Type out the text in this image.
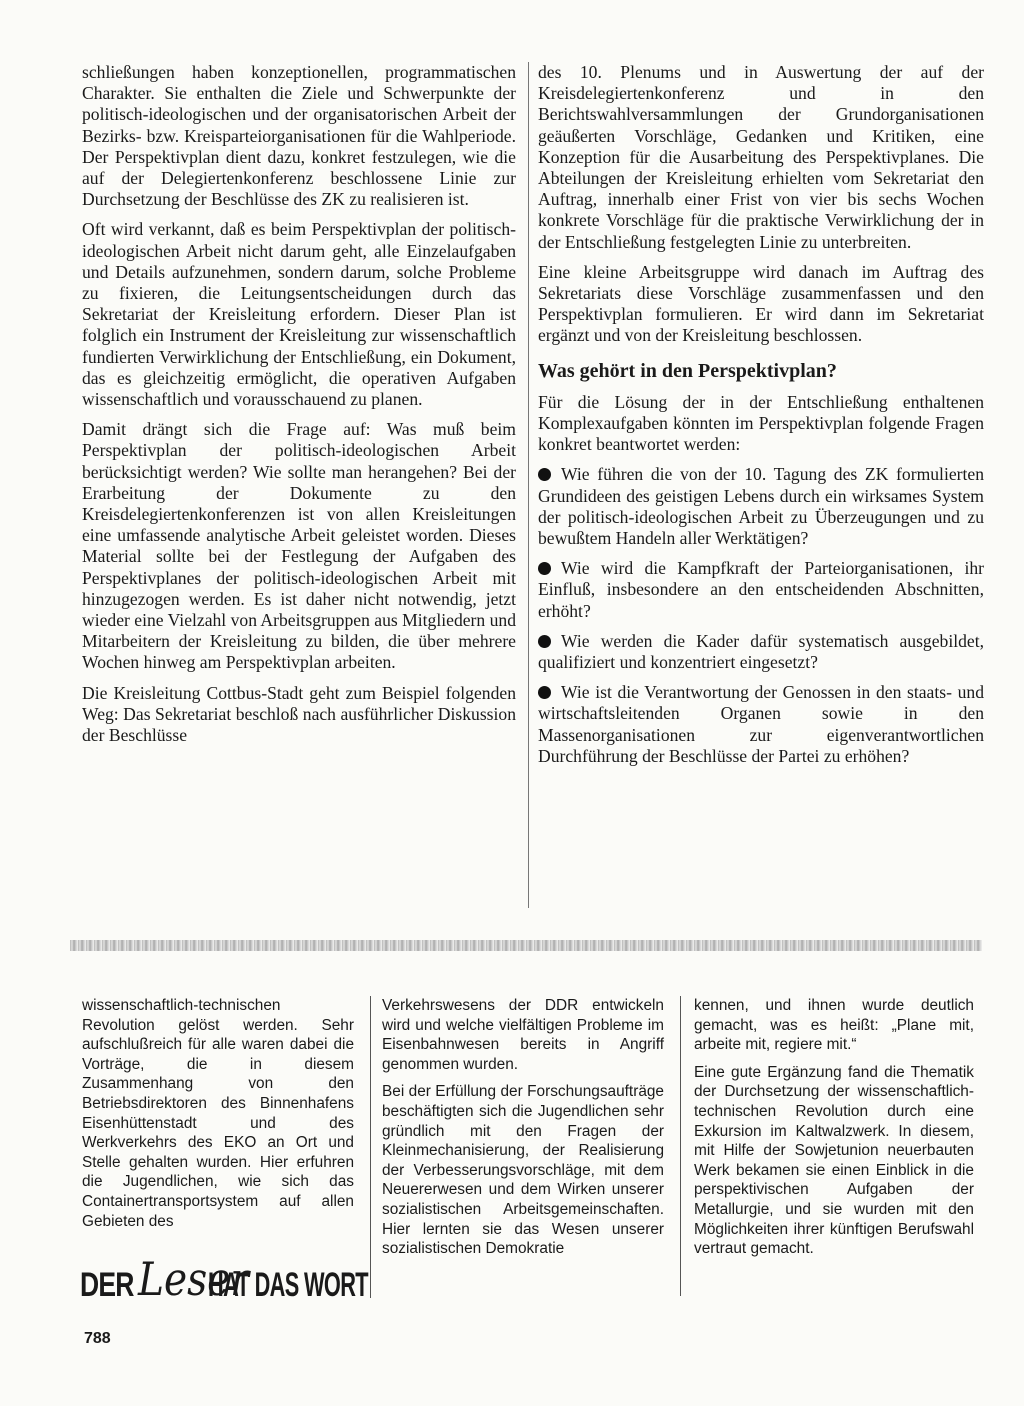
schließungen haben konzeptionellen, programmatischen Charakter. Sie enthalten die Ziele und Schwerpunkte der politisch-ideologischen und der organisatorischen Arbeit der Bezirks- bzw. Kreisparteiorganisationen für die Wahlperiode. Der Perspektivplan dient dazu, konkret festzulegen, wie die auf der Delegiertenkonferenz beschlossene Linie zur Durchsetzung der Beschlüsse des ZK zu realisieren ist.

Oft wird verkannt, daß es beim Perspektivplan der politisch-ideologischen Arbeit nicht darum geht, alle Einzelaufgaben und Details aufzunehmen, sondern darum, solche Probleme zu fixieren, die Leitungsentscheidungen durch das Sekretariat der Kreisleitung erfordern. Dieser Plan ist folglich ein Instrument der Kreisleitung zur wissenschaftlich fundierten Verwirklichung der Entschließung, ein Dokument, das es gleichzeitig ermöglicht, die operativen Aufgaben wissenschaftlich und vorausschauend zu planen.

Damit drängt sich die Frage auf: Was muß beim Perspektivplan der politisch-ideologischen Arbeit berücksichtigt werden? Wie sollte man herangehen? Bei der Erarbeitung der Dokumente zu den Kreisdelegiertenkonferenzen ist von allen Kreisleitungen eine umfassende analytische Arbeit geleistet worden. Dieses Material sollte bei der Festlegung der Aufgaben des Perspektivplanes der politisch-ideologischen Arbeit mit hinzugezogen werden. Es ist daher nicht notwendig, jetzt wieder eine Vielzahl von Arbeitsgruppen aus Mitgliedern und Mitarbeitern der Kreisleitung zu bilden, die über mehrere Wochen hinweg am Perspektivplan arbeiten.

Die Kreisleitung Cottbus-Stadt geht zum Beispiel folgenden Weg: Das Sekretariat beschloß nach ausführlicher Diskussion der Beschlüsse

des 10. Plenums und in Auswertung der auf der Kreisdelegiertenkonferenz und in den Berichtswahlversammlungen der Grundorganisationen geäußerten Vorschläge, Gedanken und Kritiken, eine Konzeption für die Ausarbeitung des Perspektivplanes. Die Abteilungen der Kreisleitung erhielten vom Sekretariat den Auftrag, innerhalb einer Frist von vier bis sechs Wochen konkrete Vorschläge für die praktische Verwirklichung der in der Entschließung festgelegten Linie zu unterbreiten.

Eine kleine Arbeitsgruppe wird danach im Auftrag des Sekretariats diese Vorschläge zusammenfassen und den Perspektivplan formulieren. Er wird dann im Sekretariat ergänzt und von der Kreisleitung beschlossen.

Was gehört in den Perspektivplan?

Für die Lösung der in der Entschließung enthaltenen Komplexaufgaben könnten im Perspektivplan folgende Fragen konkret beantwortet werden:

Wie führen die von der 10. Tagung des ZK formulierten Grundideen des geistigen Lebens durch ein wirksames System der politisch-ideologischen Arbeit zu Überzeugungen und zu bewußtem Handeln aller Werktätigen?

Wie wird die Kampfkraft der Parteiorganisationen, ihr Einfluß, insbesondere an den entscheidenden Abschnitten, erhöht?

Wie werden die Kader dafür systematisch ausgebildet, qualifiziert und konzentriert eingesetzt?

Wie ist die Verantwortung der Genossen in den staats- und wirtschaftsleitenden Organen sowie in den Massenorganisationen zur eigenverantwortlichen Durchführung der Beschlüsse der Partei zu erhöhen?

wissenschaftlich-technischen Revolution gelöst werden. Sehr aufschlußreich für alle waren dabei die Vorträge, die in diesem Zusammenhang von den Betriebsdirektoren des Binnenhafens Eisenhüttenstadt und des Werkverkehrs des EKO an Ort und Stelle gehalten wurden. Hier erfuhren die Jugendlichen, wie sich das Containertransportsystem auf allen Gebieten des

Verkehrswesens der DDR entwickeln wird und welche vielfältigen Probleme im Eisenbahnwesen bereits in Angriff genommen wurden.

Bei der Erfüllung der Forschungsaufträge beschäftigten sich die Jugendlichen sehr gründlich mit den Fragen der Kleinmechanisierung, der Realisierung der Verbesserungsvorschläge, mit dem Neuererwesen und dem Wirken unserer sozialistischen Arbeitsgemeinschaften. Hier lernten sie das Wesen unserer sozialistischen Demokratie

kennen, und ihnen wurde deutlich gemacht, was es heißt: „Plane mit, arbeite mit, regiere mit.“

Eine gute Ergänzung fand die Thematik der Durchsetzung der wissenschaftlich-technischen Revolution durch eine Exkursion im Kaltwalzwerk. In diesem, mit Hilfe der Sowjetunion neuerbauten Werk bekamen sie einen Einblick in die perspektivischen Aufgaben der Metallurgie, und sie wurden mit den Möglichkeiten ihrer künftigen Berufswahl vertraut gemacht.

DER Leser
HAT DAS WORT
788
